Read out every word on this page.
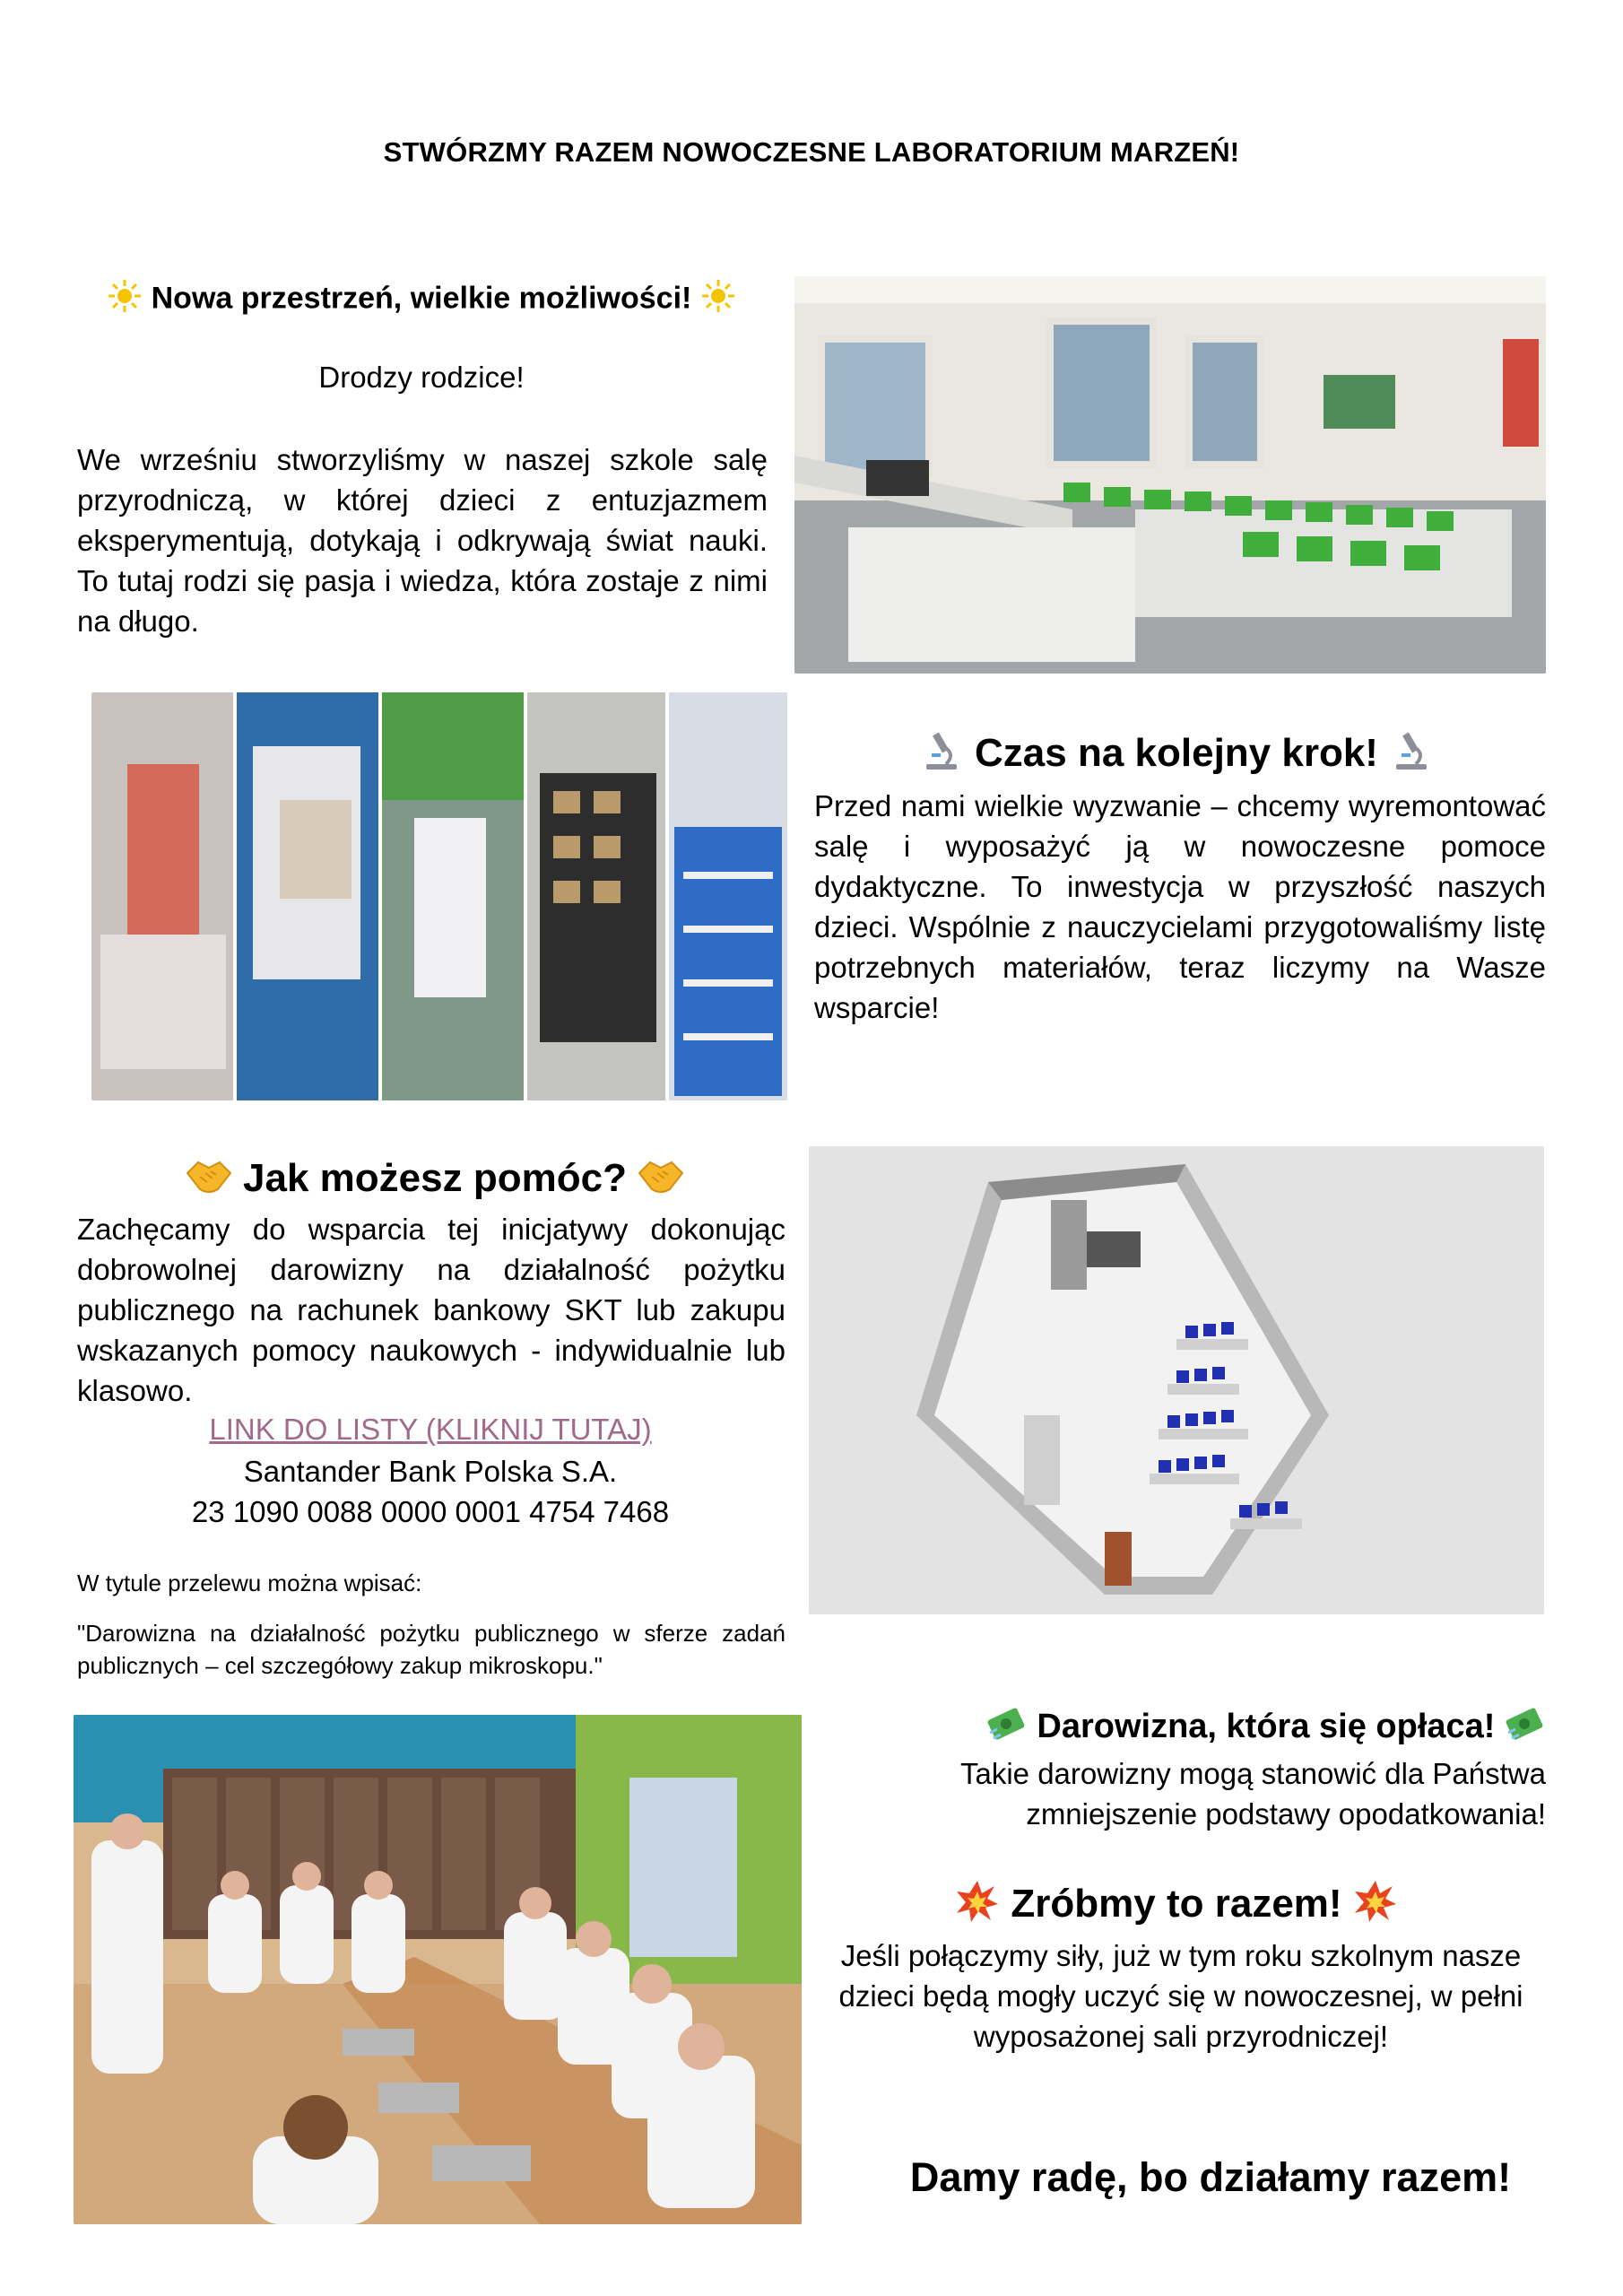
STWÓRZMY RAZEM NOWOCZESNE LABORATORIUM MARZEŃ!
Nowa przestrzeń, wielkie możliwości!
Drodzy rodzice!
We wrześniu stworzyliśmy w naszej szkole salę przyrodniczą, w której dzieci z entuzjazmem eksperymentują, dotykają i odkrywają świat nauki. To tutaj rodzi się pasja i wiedza, która zostaje z nimi na długo.
Czas na kolejny krok!
Przed nami wielkie wyzwanie – chcemy wyremontować salę i wyposażyć ją w nowoczesne pomoce dydaktyczne. To inwestycja w przyszłość naszych dzieci. Wspólnie z nauczycielami przygotowaliśmy listę potrzebnych materiałów, teraz liczymy na Wasze wsparcie!
Jak możesz pomóc?
Zachęcamy do wsparcia tej inicjatywy dokonując dobrowolnej darowizny na działalność pożytku publicznego na rachunek bankowy SKT lub zakupu wskazanych pomocy naukowych - indywidualnie lub klasowo.
LINK DO LISTY (KLIKNIJ TUTAJ)
Santander Bank Polska S.A.
23 1090 0088 0000 0001 4754 7468
W tytule przelewu można wpisać:
"Darowizna na działalność pożytku publicznego w sferze zadań publicznych – cel szczegółowy zakup mikroskopu."
Darowizna, która się opłaca!
Takie darowizny mogą stanowić dla Państwa zmniejszenie podstawy opodatkowania!
Zróbmy to razem!
Jeśli połączymy siły, już w tym roku szkolnym nasze dzieci będą mogły uczyć się w nowoczesnej, w pełni wyposażonej sali przyrodniczej!
Damy radę, bo działamy razem!
